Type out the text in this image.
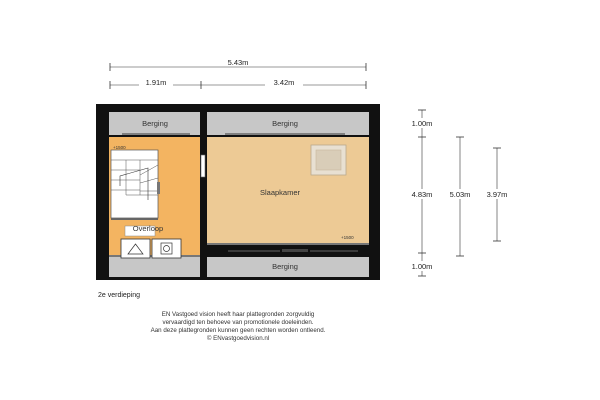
Berging	Berging
Slaapkamer
Overloop
Berging
+1500
+1500
5.43m
1.91m	3.42m
1.00m
4.83m
1.00m
5.03m 3.97m

2e verdieping

EN Vastgoed vision heeft haar plattegronden zorgvuldig
vervaardigd ten behoeve van promotionele doeleinden.
Aan deze plattegronden kunnen geen rechten worden ontleend.
© ENvastgoedvision.nl
